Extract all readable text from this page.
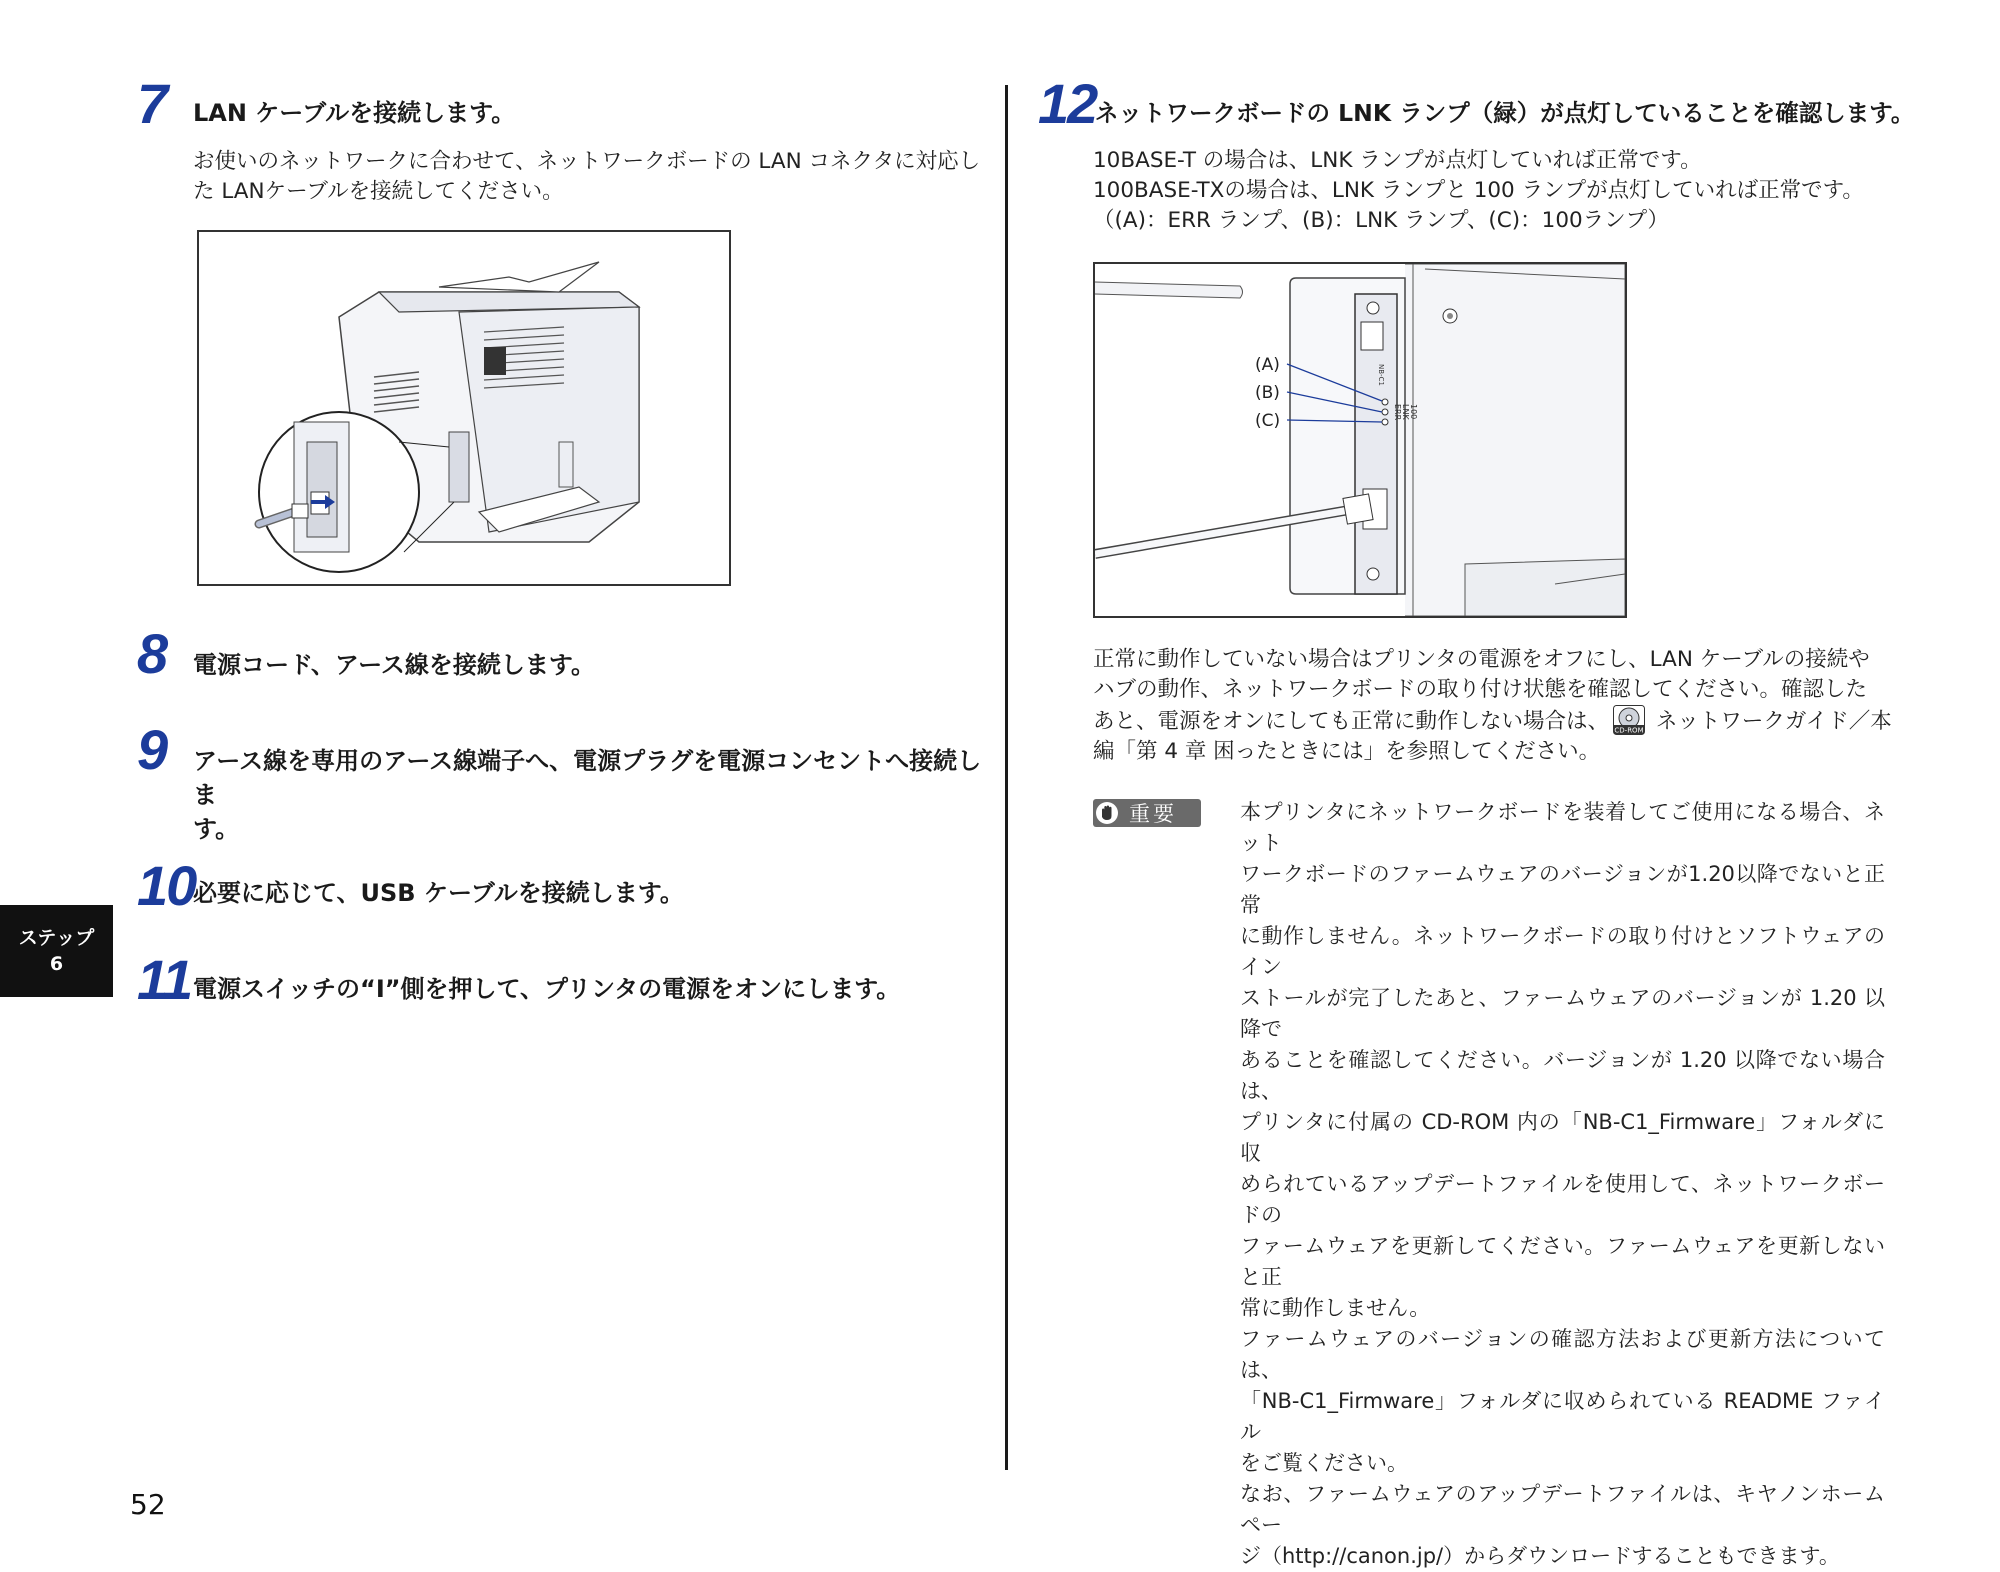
7 LAN ケーブルを接続します。

お使いのネットワークに合わせて、ネットワークボードの LAN コネクタに対応し

た LANケーブルを接続してください。

8 電源コード、アース線を接続します。
9 アース線を専用のアース線端子へ、電源プラグを電源コンセントへ接続しま
す。
10
必要に応じて、USB ケーブルを接続します。
11 電源スイッチの“I”側を押して、プリンタの電源をオンにします。
ステップ
6
52
12
ネットワークボードの LNK ランプ（緑）が点灯していることを確認します。

10BASE-T の場合は、LNK ランプが点灯していれば正常です。

100BASE-TXの場合は、LNK ランプと 100 ランプが点灯していれば正常です。

（(A)：ERR ランプ、(B)：LNK ランプ、(C)：100ランプ）

ERR LNK 100
NB-C1
(A)
(B)
(C)

正常に動作していない場合はプリンタの電源をオフにし、LAN ケーブルの接続や

ハブの動作、ネットワークボードの取り付け状態を確認してください。確認した

あと、電源をオンにしても正常に動作しない場合は、 CD-ROM ネットワークガイド／本

編「第 4 章 困ったときには」を参照してください。

重要	本プリンタにネットワークボードを装着してご使用になる場合、ネット

ワークボードのファームウェアのバージョンが1.20以降でないと正常

に動作しません。ネットワークボードの取り付けとソフトウェアのイン

ストールが完了したあと、ファームウェアのバージョンが 1.20 以降で

あることを確認してください。バージョンが 1.20 以降でない場合は、

プリンタに付属の CD-ROM 内の「NB-C1_Firmware」フォルダに収

められているアップデートファイルを使用して、ネットワークボードの

ファームウェアを更新してください。ファームウェアを更新しないと正

常に動作しません。

ファームウェアのバージョンの確認方法および更新方法については、

「NB-C1_Firmware」フォルダに収められている README ファイル

をご覧ください。

なお、ファームウェアのアップデートファイルは、キヤノンホームペー

ジ（http://canon.jp/）からダウンロードすることもできます。
